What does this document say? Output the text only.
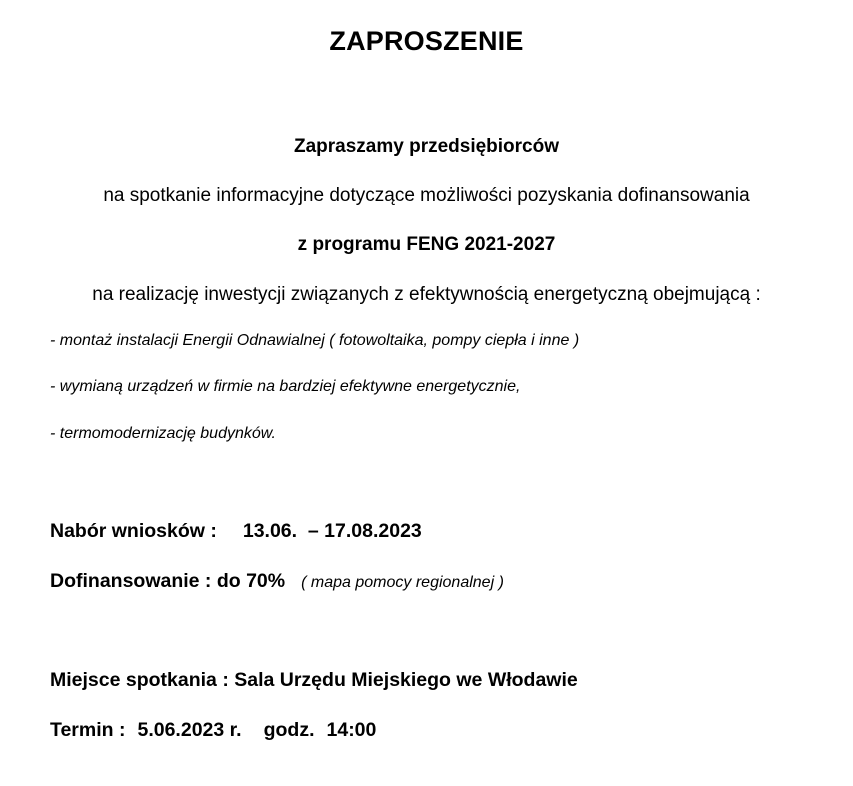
ZAPROSZENIE
Zapraszamy przedsiębiorców
na spotkanie informacyjne dotyczące możliwości pozyskania dofinansowania
z programu FENG 2021-2027
na realizację inwestycji związanych z efektywnością energetyczną obejmującą :
- montaż instalacji Energii Odnawialnej ( fotowoltaika, pompy ciepła i inne )
- wymianą urządzeń w firmie na bardziej efektywne energetycznie,
- termomodernizację budynków.
Nabór wniosków : 13.06.  – 17.08.2023
Dofinansowanie : do 70% ( mapa pomocy regionalnej )
Miejsce spotkania : Sala Urzędu Miejskiego we Włodawie
Termin : 5.06.2023 r. godz. 14:00
